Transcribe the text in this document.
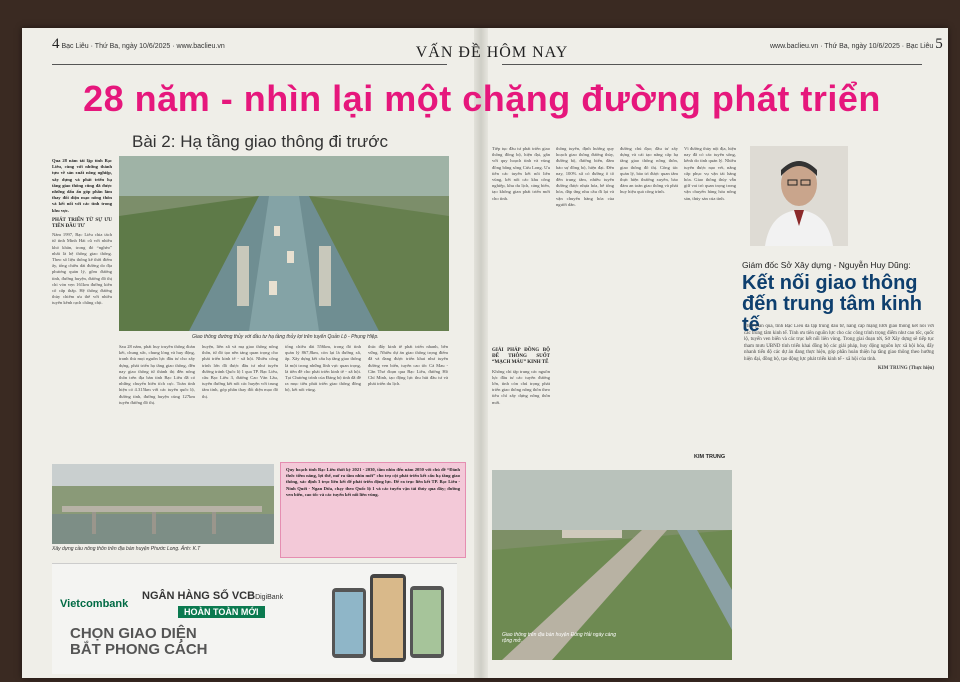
4 Bạc Liêu · Thứ Ba, ngày 10/6/2025 · www.baclieu.vn	www.baclieu.vn · Thứ Ba, ngày 10/6/2025 · Bạc Liêu 5
VẤN ĐỀ HÔM NAY
28 năm - nhìn lại một chặng đường phát triển
Bài 2: Hạ tầng giao thông đi trước

Qua 28 năm tái lập tỉnh Bạc Liêu, cùng với những thành tựu về sản xuất nông nghiệp, xây dựng và phát triển hạ tầng giao thông cũng đã được những dấu ấn góp phần làm thay đổi diện mạo nông thôn và kết nối với các tỉnh trong khu vực.

PHÁT TRIỂN TỪ SỰ ƯU TIÊN ĐẦU TƯ

Năm 1997, Bạc Liêu chia tách từ tỉnh Minh Hải cũ với nhiều khó khăn, trong đó “nghèo” nhất là hệ thống giao thông. Theo số liệu thống kê thời điểm ấy, tổng chiều dài đường do địa phương quản lý, gồm đường tỉnh, đường huyện, đường đô thị chỉ vỏn vẹn 161km đường kiên cố cấp thấp. Hệ thống đường thủy chiếm ưu thế với nhiều tuyến kênh rạch chằng chịt.

Giao thông đường thủy với đầu tư hạ tầng thủy lợi trên tuyến Quản Lộ - Phụng Hiệp.

Sau 28 năm, phát huy truyền thống đoàn kết, chung sức, chung lòng và huy động, tranh thủ mọi nguồn lực đầu tư cho xây dựng, phát triển hạ tầng giao thông, đến nay giao thông từ thành thị đến nông thôn trên địa bàn tỉnh Bạc Liêu đã có những chuyển biến tích cực. Toàn tỉnh hiện có 4.315km với các tuyến quốc lộ, đường tỉnh, đường huyện cùng 127km tuyến đường đô thị.

huyện, liên xã và mạ giao thông nông thôn, từ đó tạo nền tảng quan trọng cho phát triển kinh tế - xã hội. Nhiều công trình lớn đã được đầu tư như tuyến đường tránh Quốc lộ 1 qua TP. Bạc Liêu, cầu Bạc Liêu 3, đường Cao Văn Lầu, tuyến đường kết nối các huyện với trung tâm tỉnh, góp phần thay đổi diện mạo đô thị.

tổng chiều dài 556km, trong đó tỉnh quản lý 867,8km, còn lại là đường xã, ấp. Xây dựng kết cấu hạ tầng giao thông là một trong những lĩnh vực quan trọng, là tiền đề cho phát triển kinh tế - xã hội. Tại Chương trình của Đảng bộ tỉnh đã đề ra mục tiêu phát triển giao thông đồng bộ, kết nối vùng.

thúc đẩy kinh tế phát triển nhanh, bền vững. Nhiều dự án giao thông trọng điểm đã và đang được triển khai như tuyến đường ven biển, tuyến cao tốc Cà Mau - Cần Thơ đoạn qua Bạc Liêu, đường Hồ Chí Minh, tạo động lực thu hút đầu tư và phát triển du lịch.

Xây dựng cầu nông thôn trên địa bàn huyện Phước Long. Ảnh: K.T

Quy hoạch tỉnh Bạc Liêu thời kỳ 2021 - 2030, tầm nhìn đến năm 2050 với chủ đề “Đánh thức tiềm năng, lợi thế, mở ra tầm nhìn mới” cho trụ cột phát triển kết cấu hạ tầng giao thông, xác định 3 trục liên kết để phát triển động lực. Để ra trục liên kết TP. Bạc Liêu - Ninh Quới - Ngan Dừa, chạy theo Quốc lộ 1 và các tuyến vận tải thủy qua đây; đường ven biển, cao tốc và các tuyến kết nối liên vùng.

Vietcombank
NGÂN HÀNG SỐ VCBDigiBank
HOÀN TOÀN MỚI
CHỌN GIAO DIỆN
BẮT PHONG CÁCH

Tiếp tục đầu tư phát triển giao thông đồng bộ, hiện đại, gắn với quy hoạch tỉnh và vùng đồng bằng sông Cửu Long. Ưu tiên các tuyến kết nối liên vùng, kết nối các khu công nghiệp, khu du lịch, cảng biển, tạo không gian phát triển mới cho tỉnh.

GIẢI PHÁP ĐỒNG BỘ ĐỂ THÔNG SUỐT “MẠCH MÁU” KINH TẾ

Không chỉ tập trung các nguồn lực đầu tư các tuyến đường lớn, tỉnh còn chú trọng phát triển giao thông nông thôn theo tiêu chí xây dựng nông thôn mới.

thông tuyến, định hướng quy hoạch giao thông đường thủy, đường bộ, đường biển, đảm bảo sự đồng bộ, hiện đại. Đến nay, 100% xã có đường ô tô đến trung tâm, nhiều tuyến đường được nhựa hóa, bê tông hóa, đáp ứng nhu cầu đi lại và vận chuyển hàng hóa của người dân.

đường chủ đạo; đầu tư xây dựng và cải tạo nâng cấp hạ tầng giao thông nông thôn, giao thông đô thị. Công tác quản lý, bảo trì được quan tâm thực hiện thường xuyên, bảo đảm an toàn giao thông và phát huy hiệu quả công trình.

Vì đường thủy nội địa, hiện nay đã có các tuyến sông, kênh do tỉnh quản lý. Nhiều tuyến được nạo vét, nâng cấp phục vụ vận tải hàng hóa. Giao thông thủy vẫn giữ vai trò quan trọng trong vận chuyển hàng hóa nông sản, thủy sản của tỉnh.

KIM TRUNG
Giao thông trên địa bàn huyện Đông Hải ngày càng rộng mở.
Giám đốc Sở Xây dựng - Nguyễn Huy Dũng:
Kết nối giao thông đến trung tâm kinh tế

Thời gian qua, tỉnh Bạc Liêu đã tập trung đầu tư, nâng cấp mạng lưới giao thông kết nối với các trung tâm kinh tế. Tỉnh ưu tiên nguồn lực cho các công trình trọng điểm như cao tốc, quốc lộ, tuyến ven biển và các trục kết nối liên vùng. Trong giai đoạn tới, Sở Xây dựng sẽ tiếp tục tham mưu UBND tỉnh triển khai đồng bộ các giải pháp, huy động nguồn lực xã hội hóa, đẩy nhanh tiến độ các dự án đang thực hiện, góp phần hoàn thiện hạ tầng giao thông theo hướng hiện đại, đồng bộ, tạo động lực phát triển kinh tế - xã hội của tỉnh.

KIM TRUNG (Thực hiện)
